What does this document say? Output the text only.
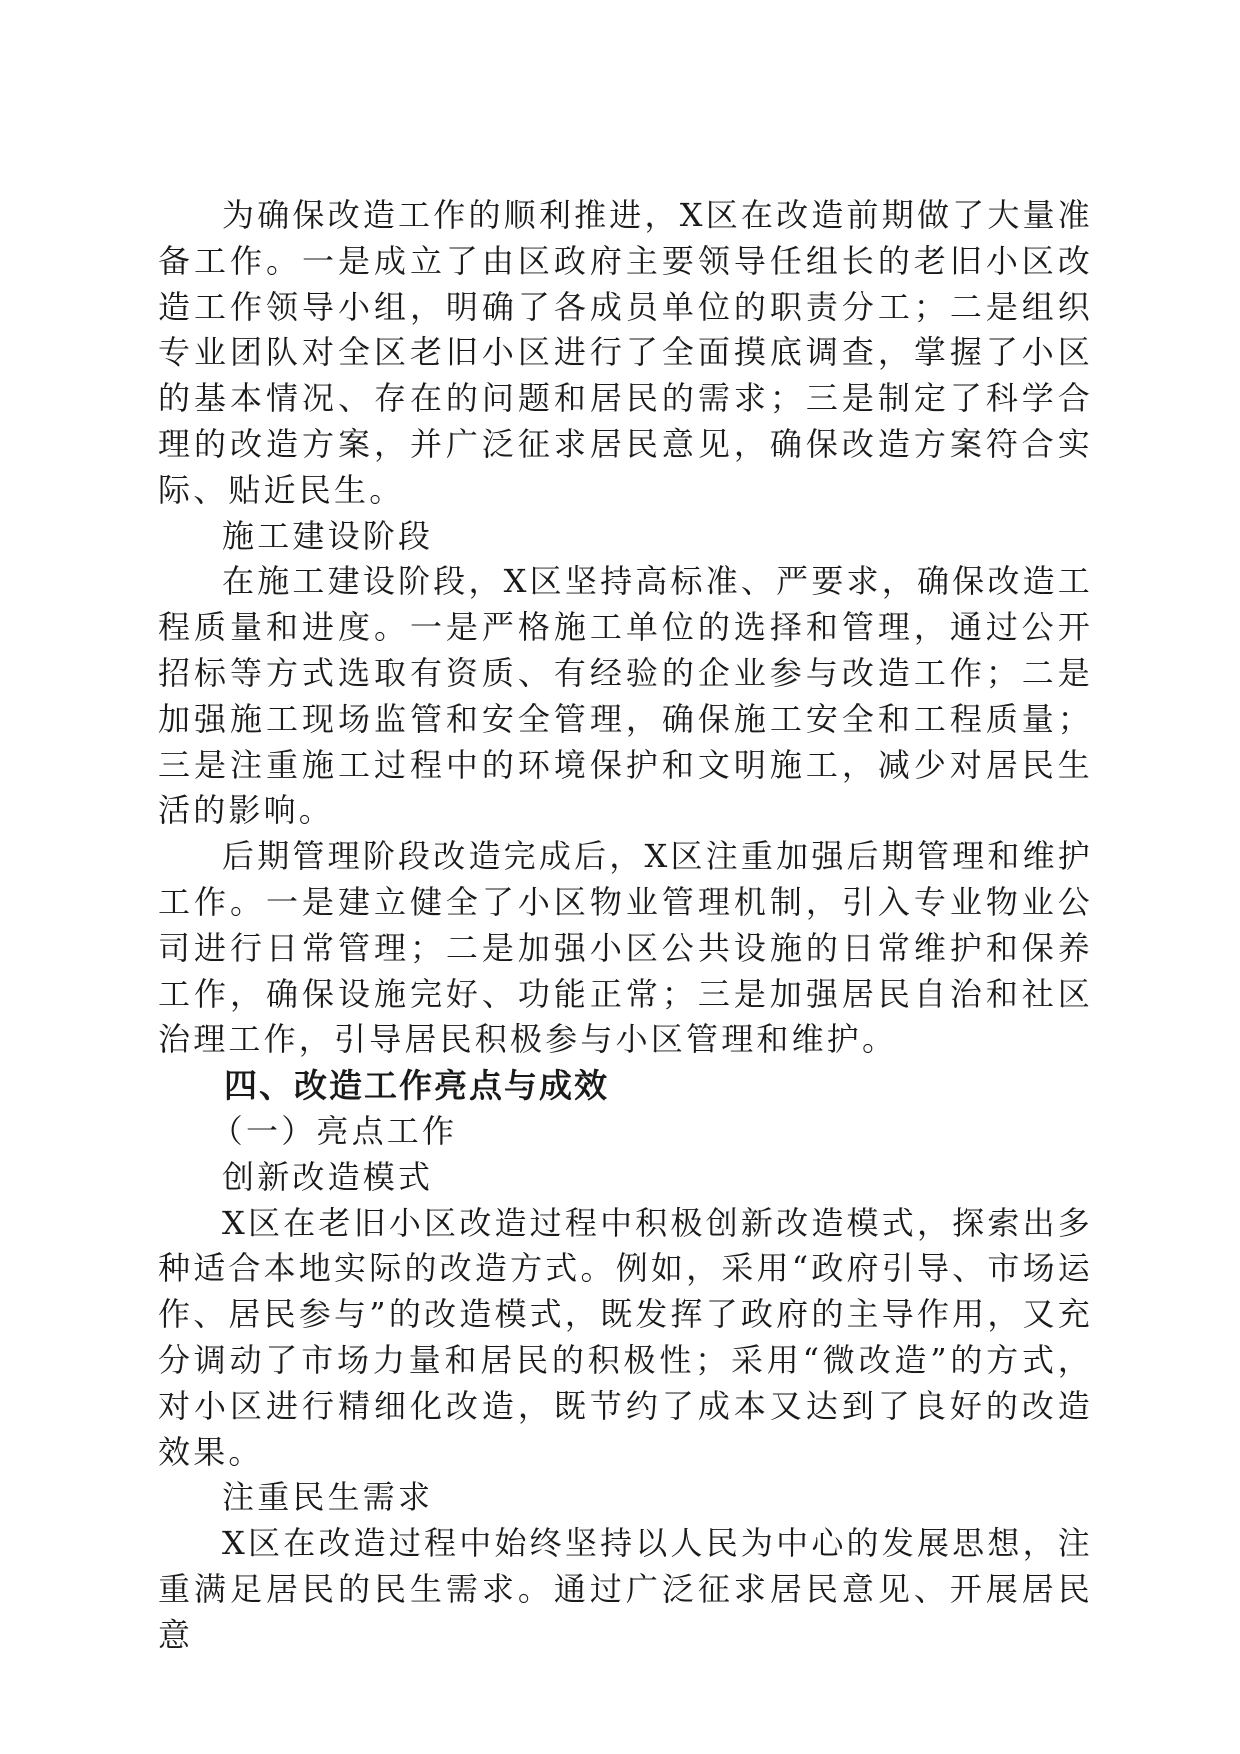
为确保改造工作的顺利推进，X区在改造前期做了大量准备工作。一是成立了由区政府主要领导任组长的老旧小区改造工作领导小组，明确了各成员单位的职责分工；二是组织专业团队对全区老旧小区进行了全面摸底调查，掌握了小区的基本情况、存在的问题和居民的需求；三是制定了科学合理的改造方案，并广泛征求居民意见，确保改造方案符合实际、贴近民生。

施工建设阶段

在施工建设阶段，X区坚持高标准、严要求，确保改造工程质量和进度。一是严格施工单位的选择和管理，通过公开招标等方式选取有资质、有经验的企业参与改造工作；二是加强施工现场监管和安全管理，确保施工安全和工程质量；三是注重施工过程中的环境保护和文明施工，减少对居民生活的影响。

后期管理阶段改造完成后，X区注重加强后期管理和维护工作。一是建立健全了小区物业管理机制，引入专业物业公司进行日常管理；二是加强小区公共设施的日常维护和保养工作，确保设施完好、功能正常；三是加强居民自治和社区治理工作，引导居民积极参与小区管理和维护。

四、改造工作亮点与成效
（一）亮点工作

创新改造模式

X区在老旧小区改造过程中积极创新改造模式，探索出多种适合本地实际的改造方式。例如，采用“政府引导、市场运作、居民参与”的改造模式，既发挥了政府的主导作用，又充分调动了市场力量和居民的积极性；采用“微改造”的方式，对小区进行精细化改造，既节约了成本又达到了良好的改造效果。

注重民生需求

X区在改造过程中始终坚持以人民为中心的发展思想，注重满足居民的民生需求。通过广泛征求居民意见、开展居民意
